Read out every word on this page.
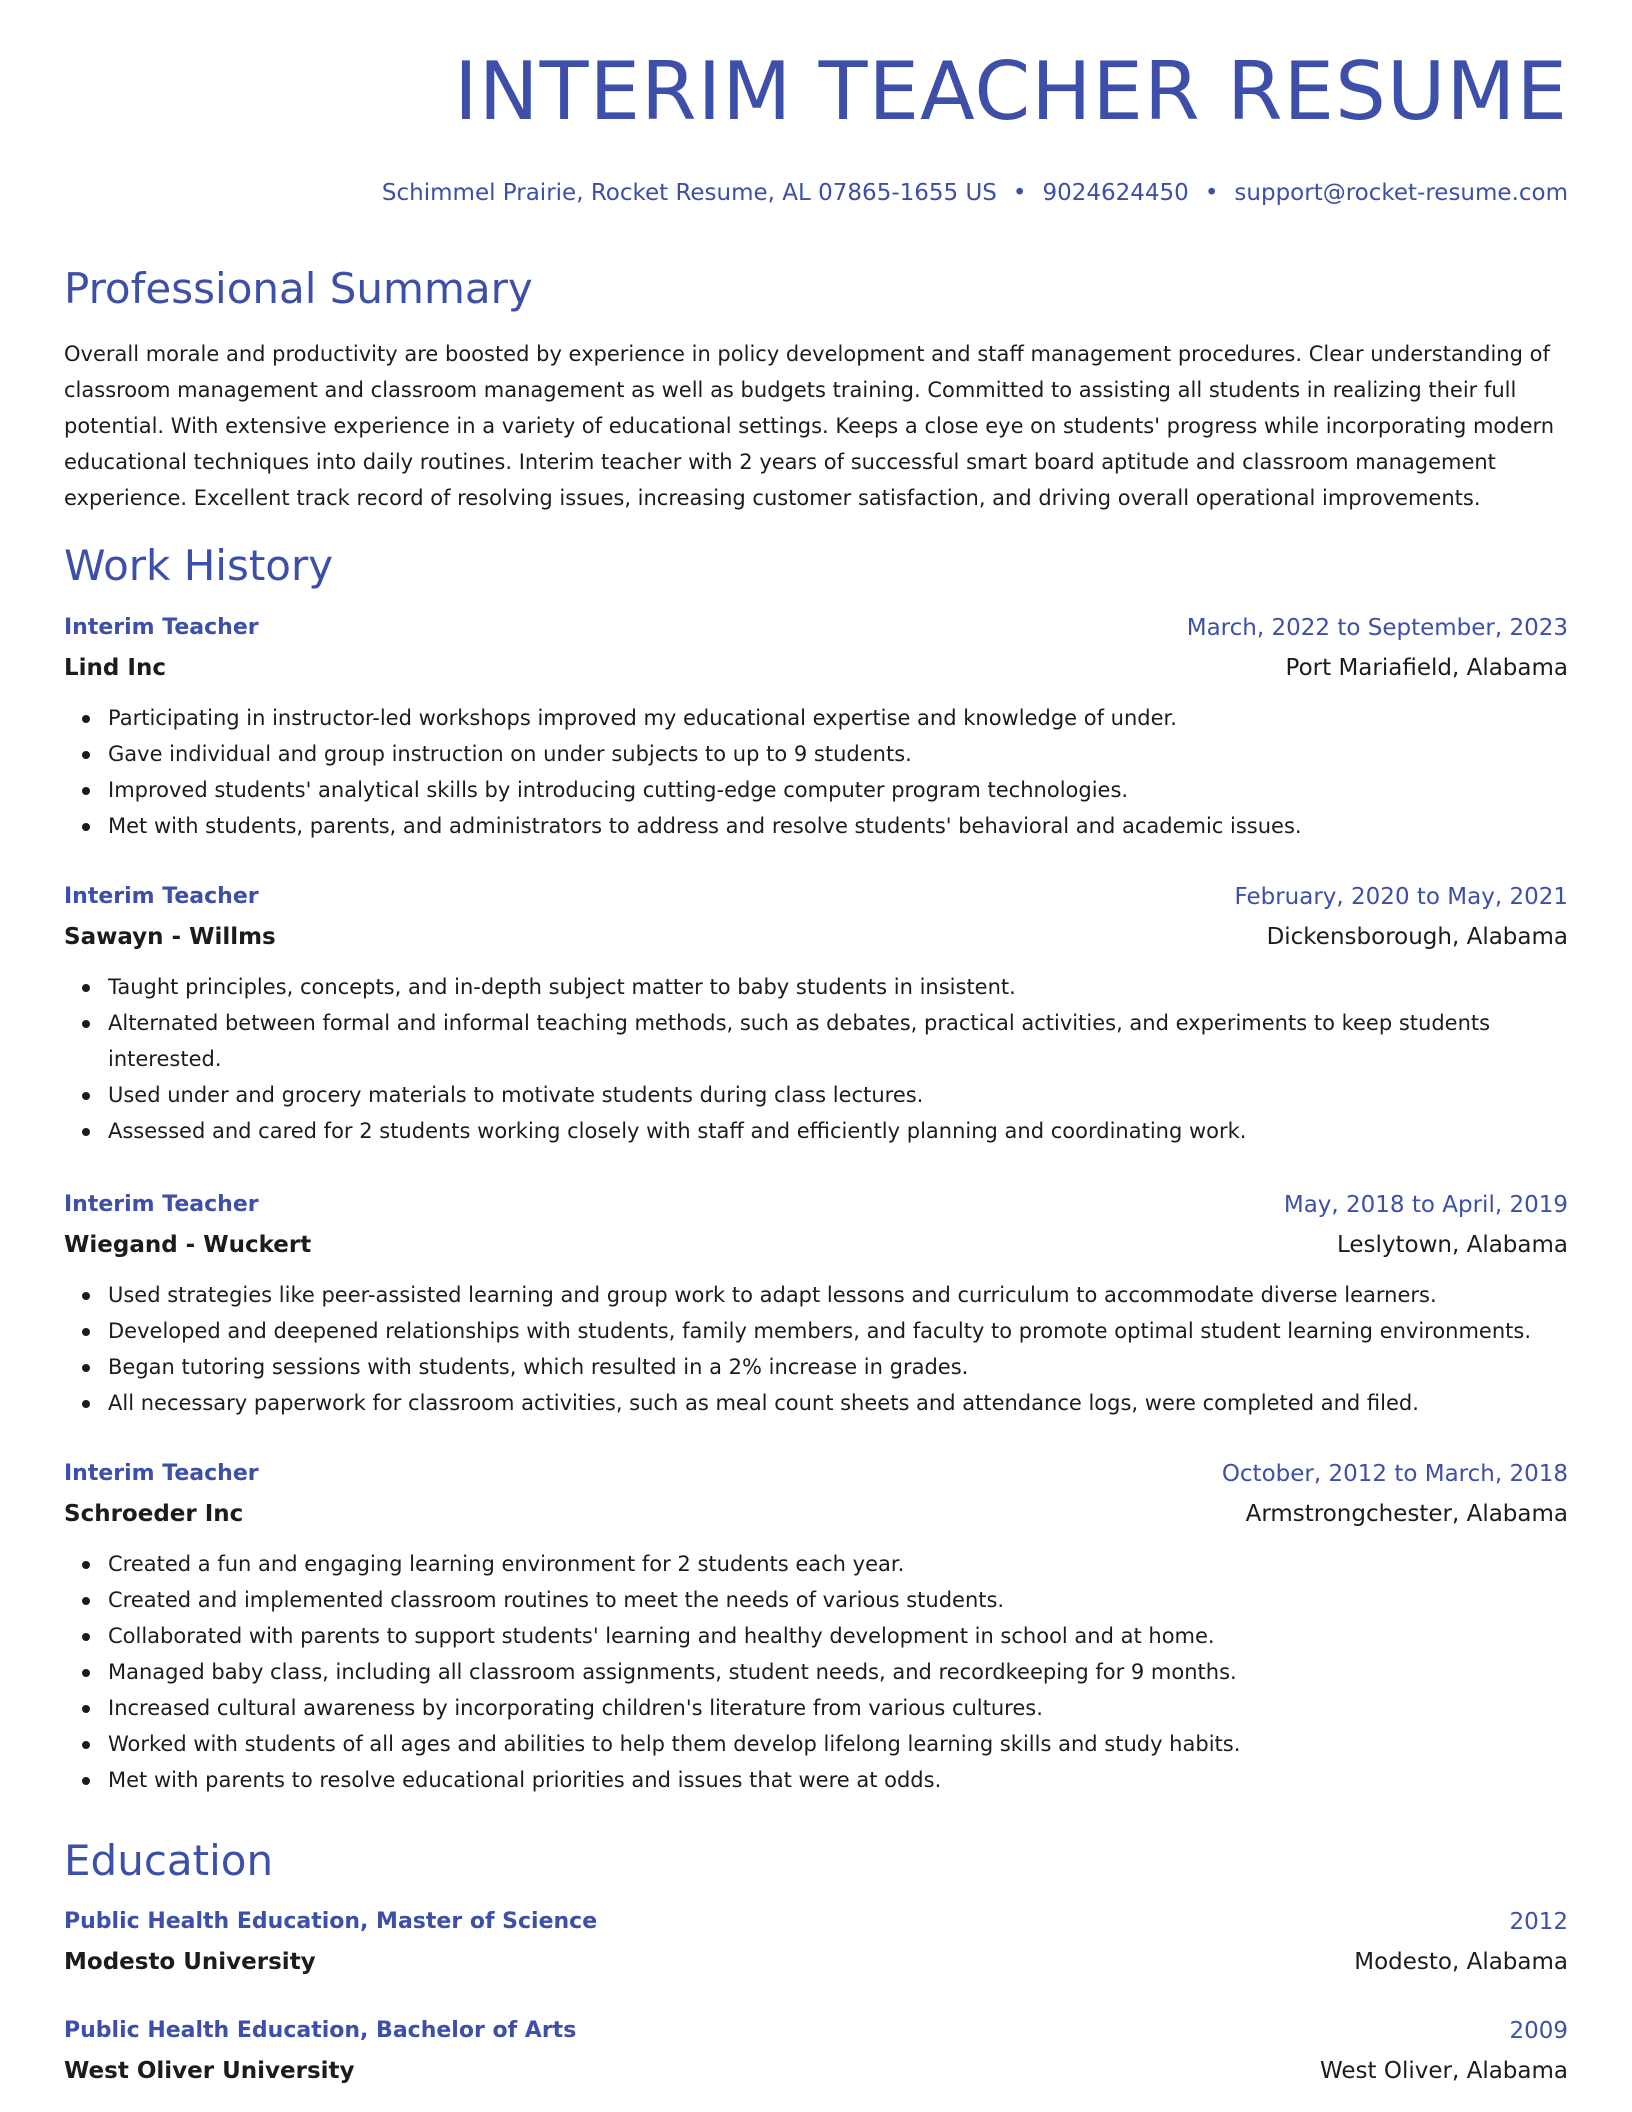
INTERIM TEACHER RESUME
Schimmel Prairie, Rocket Resume, AL 07865-1655 US • 9024624450 • support@rocket-resume.com
Professional Summary

Overall morale and productivity are boosted by experience in policy development and staff management procedures. Clear understanding of classroom management and classroom management as well as budgets training. Committed to assisting all students in realizing their full potential. With extensive experience in a variety of educational settings. Keeps a close eye on students' progress while incorporating modern educational techniques into daily routines. Interim teacher with 2 years of successful smart board aptitude and classroom management experience. Excellent track record of resolving issues, increasing customer satisfaction, and driving overall operational improvements.

Work History
Interim Teacher	March, 2022 to September, 2023
Lind Inc	Port Mariafield, Alabama
Participating in instructor-led workshops improved my educational expertise and knowledge of under.
Gave individual and group instruction on under subjects to up to 9 students.
Improved students' analytical skills by introducing cutting-edge computer program technologies.
Met with students, parents, and administrators to address and resolve students' behavioral and academic issues.
Interim Teacher	February, 2020 to May, 2021
Sawayn - Willms	Dickensborough, Alabama
Taught principles, concepts, and in-depth subject matter to baby students in insistent.
Alternated between formal and informal teaching methods, such as debates, practical activities, and experiments to keep students interested.
Used under and grocery materials to motivate students during class lectures.
Assessed and cared for 2 students working closely with staff and efficiently planning and coordinating work.
Interim Teacher	May, 2018 to April, 2019
Wiegand - Wuckert	Leslytown, Alabama
Used strategies like peer-assisted learning and group work to adapt lessons and curriculum to accommodate diverse learners.
Developed and deepened relationships with students, family members, and faculty to promote optimal student learning environments.
Began tutoring sessions with students, which resulted in a 2% increase in grades.
All necessary paperwork for classroom activities, such as meal count sheets and attendance logs, were completed and filed.
Interim Teacher	October, 2012 to March, 2018
Schroeder Inc	Armstrongchester, Alabama
Created a fun and engaging learning environment for 2 students each year.
Created and implemented classroom routines to meet the needs of various students.
Collaborated with parents to support students' learning and healthy development in school and at home.
Managed baby class, including all classroom assignments, student needs, and recordkeeping for 9 months.
Increased cultural awareness by incorporating children's literature from various cultures.
Worked with students of all ages and abilities to help them develop lifelong learning skills and study habits.
Met with parents to resolve educational priorities and issues that were at odds.
Education
Public Health Education, Master of Science	2012
Modesto University	Modesto, Alabama
Public Health Education, Bachelor of Arts	2009
West Oliver University	West Oliver, Alabama
